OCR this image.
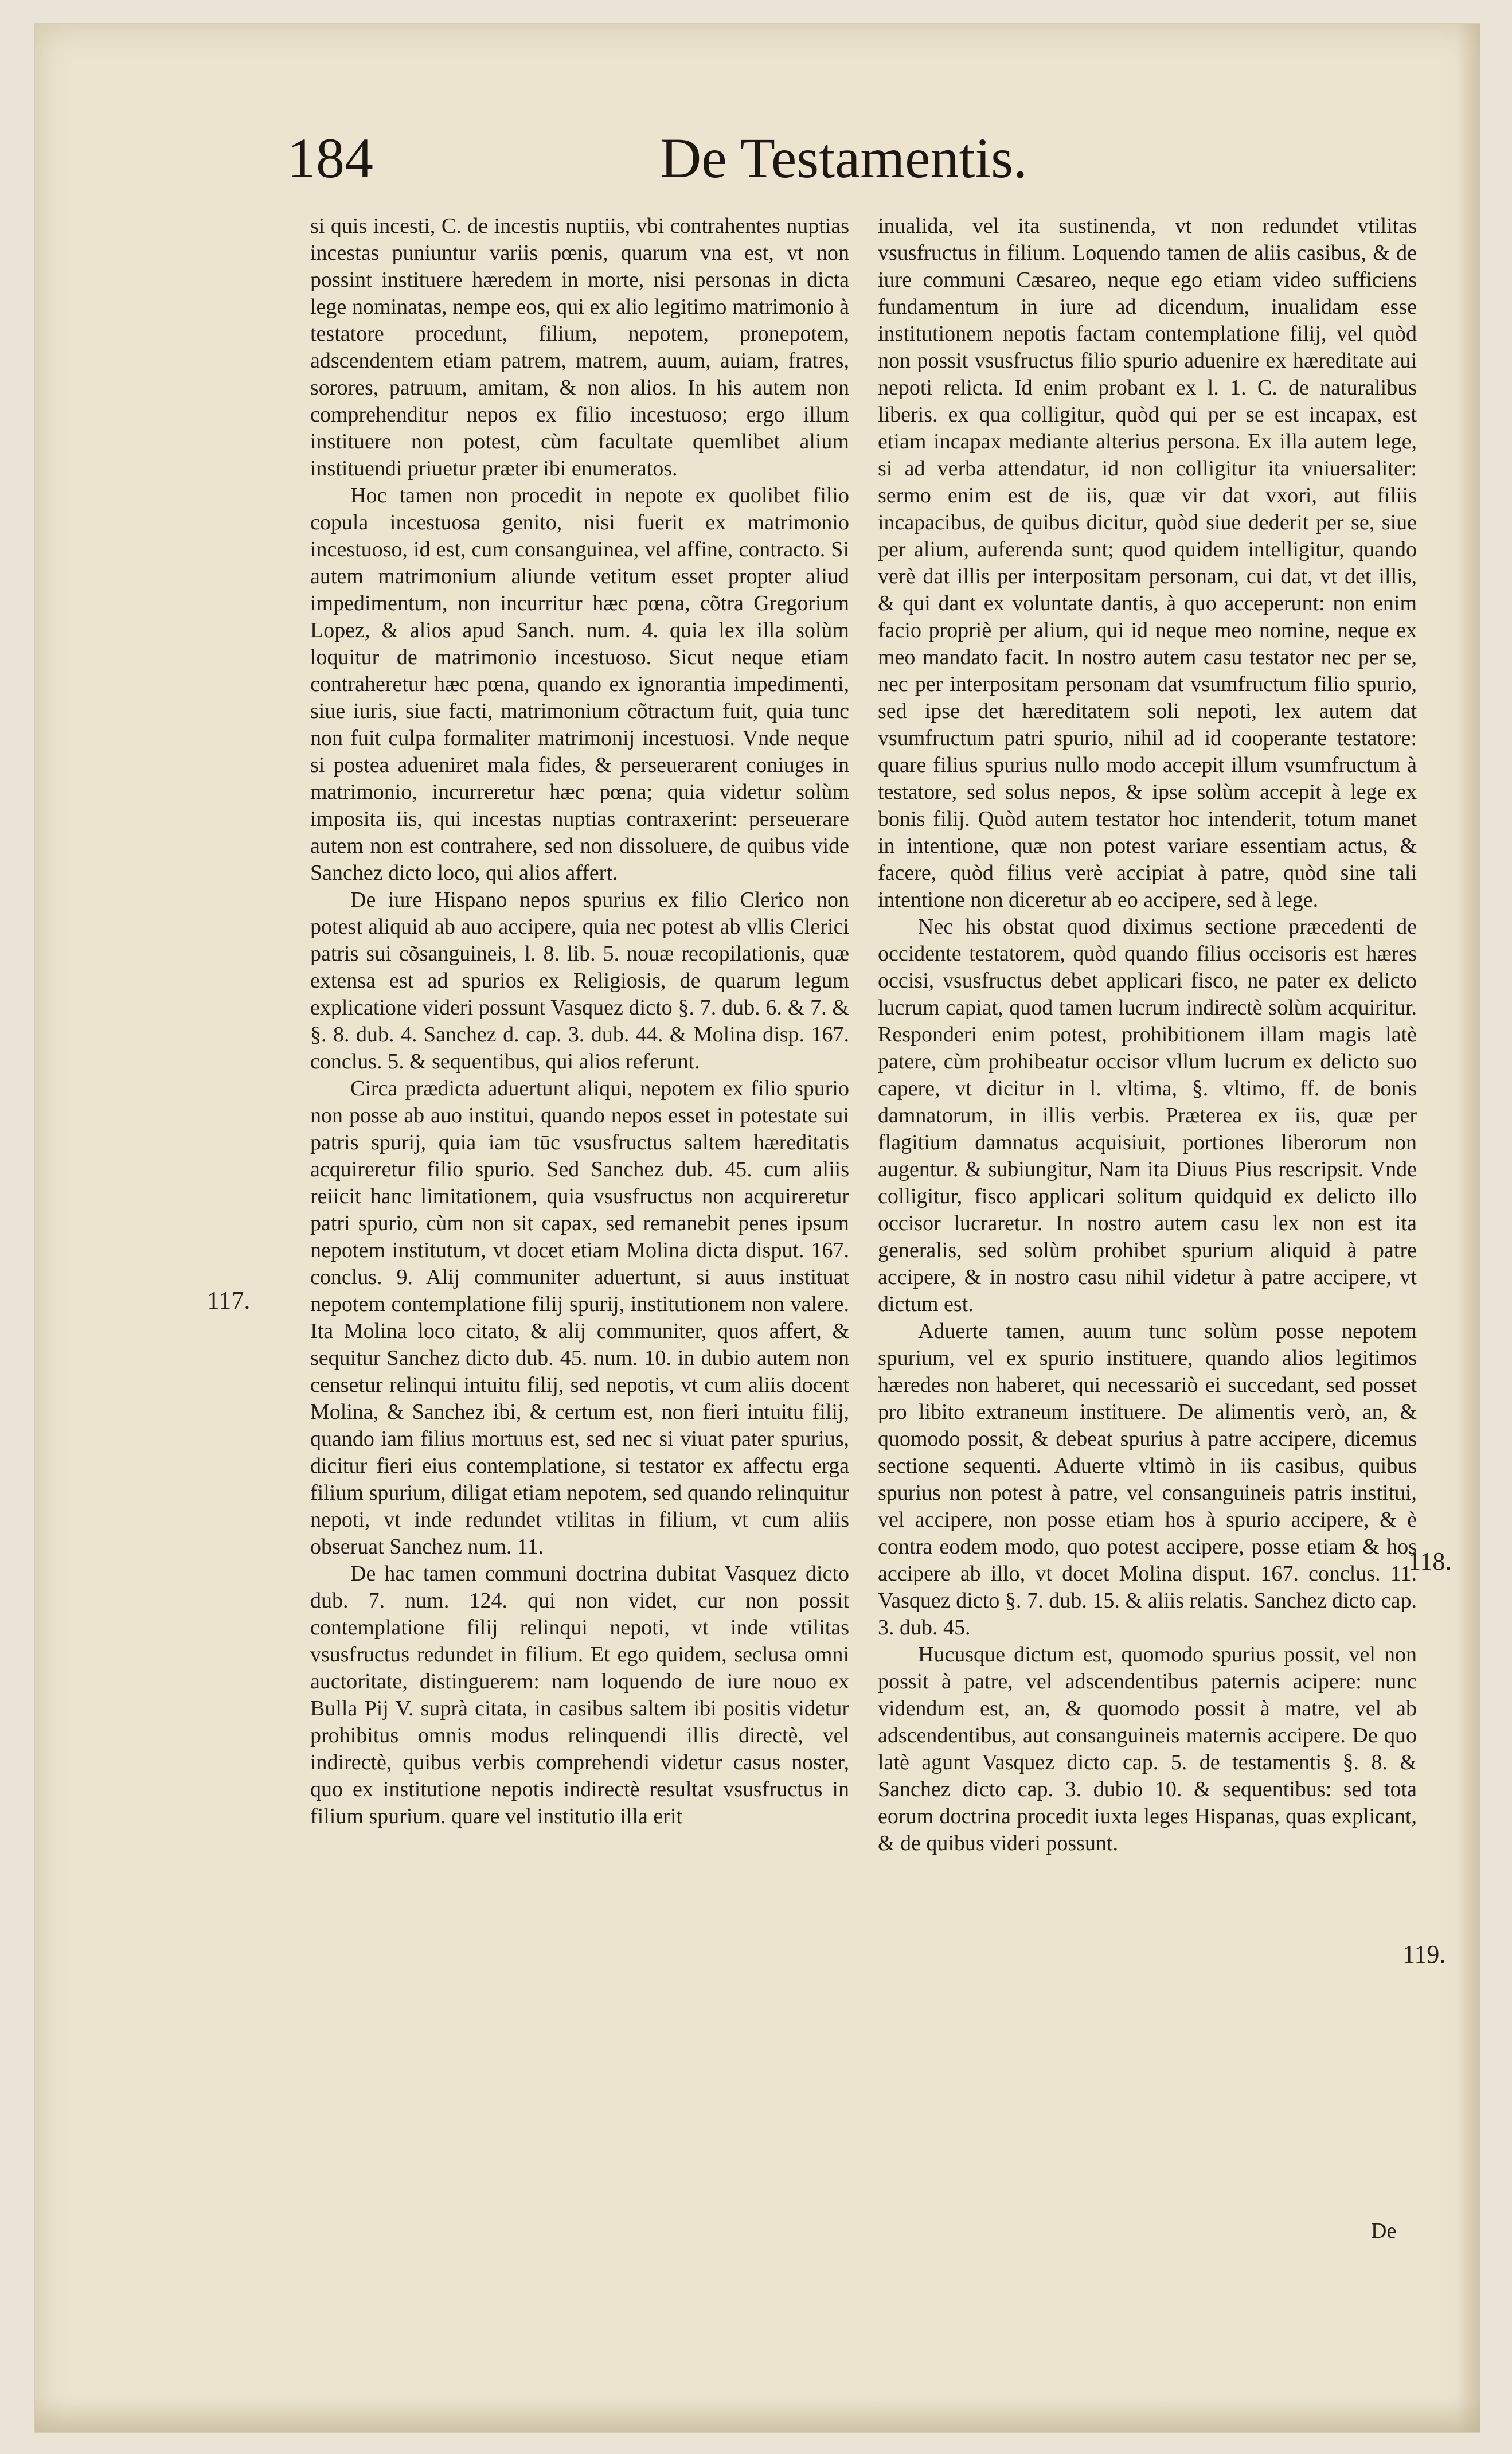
184	De Testamentis.

si quis incesti, C. de incestis nuptiis, vbi contrahentes nuptias incestas puniuntur variis pœnis, quarum vna est, vt non possint instituere hæredem in morte, nisi personas in dicta lege nominatas, nempe eos, qui ex alio legitimo matrimonio à testatore procedunt, filium, nepotem, pronepotem, adscendentem etiam patrem, matrem, auum, auiam, fratres, sorores, patruum, amitam, & non alios. In his autem non comprehenditur nepos ex filio incestuoso; ergo illum instituere non potest, cùm facultate quemlibet alium instituendi priuetur præter ibi enumeratos.

Hoc tamen non procedit in nepote ex quolibet filio copula incestuosa genito, nisi fuerit ex matrimonio incestuoso, id est, cum consanguinea, vel affine, contracto. Si autem matrimonium aliunde vetitum esset propter aliud impedimentum, non incurritur hæc pœna, cõtra Gregorium Lopez, & alios apud Sanch. num. 4. quia lex illa solùm loquitur de matrimonio incestuoso. Sicut neque etiam contraheretur hæc pœna, quando ex ignorantia impedimenti, siue iuris, siue facti, matrimonium cõtractum fuit, quia tunc non fuit culpa formaliter matrimonij incestuosi. Vnde neque si postea adueniret mala fides, & perseuerarent coniuges in matrimonio, incurreretur hæc pœna; quia videtur solùm imposita iis, qui incestas nuptias contraxerint: perseuerare autem non est contrahere, sed non dissoluere, de quibus vide Sanchez dicto loco, qui alios affert.

De iure Hispano nepos spurius ex filio Clerico non potest aliquid ab auo accipere, quia nec potest ab vllis Clerici patris sui cõsanguineis, l. 8. lib. 5. nouæ recopilationis, quæ extensa est ad spurios ex Religiosis, de quarum legum explicatione videri possunt Vasquez dicto §. 7. dub. 6. & 7. & §. 8. dub. 4. Sanchez d. cap. 3. dub. 44. & Molina disp. 167. conclus. 5. & sequentibus, qui alios referunt.

Circa prædicta aduertunt aliqui, nepotem ex filio spurio non posse ab auo institui, quando nepos esset in potestate sui patris spurij, quia iam tūc vsusfructus saltem hæreditatis acquireretur filio spurio. Sed Sanchez dub. 45. cum aliis reiicit hanc limitationem, quia vsusfructus non acquireretur patri spurio, cùm non sit capax, sed remanebit penes ipsum nepotem institutum, vt docet etiam Molina dicta disput. 167. conclus. 9. Alij communiter aduertunt, si auus instituat nepotem contemplatione filij spurij, institutionem non valere. Ita Molina loco citato, & alij communiter, quos affert, & sequitur Sanchez dicto dub. 45. num. 10. in dubio autem non censetur relinqui intuitu filij, sed nepotis, vt cum aliis docent Molina, & Sanchez ibi, & certum est, non fieri intuitu filij, quando iam filius mortuus est, sed nec si viuat pater spurius, dicitur fieri eius contemplatione, si testator ex affectu erga filium spurium, diligat etiam nepotem, sed quando relinquitur nepoti, vt inde redundet vtilitas in filium, vt cum aliis obseruat Sanchez num. 11.

De hac tamen communi doctrina dubitat Vasquez dicto dub. 7. num. 124. qui non videt, cur non possit contemplatione filij relinqui nepoti, vt inde vtilitas vsusfructus redundet in filium. Et ego quidem, seclusa omni auctoritate, distinguerem: nam loquendo de iure nouo ex Bulla Pij V. suprà citata, in casibus saltem ibi positis videtur prohibitus omnis modus relinquendi illis directè, vel indirectè, quibus verbis comprehendi videtur casus noster, quo ex institutione nepotis indirectè resultat vsusfructus in filium spurium. quare vel institutio illa erit

inualida, vel ita sustinenda, vt non redundet vtilitas vsusfructus in filium. Loquendo tamen de aliis casibus, & de iure communi Cæsareo, neque ego etiam video sufficiens fundamentum in iure ad dicendum, inualidam esse institutionem nepotis factam contemplatione filij, vel quòd non possit vsusfructus filio spurio aduenire ex hæreditate aui nepoti relicta. Id enim probant ex l. 1. C. de naturalibus liberis. ex qua colligitur, quòd qui per se est incapax, est etiam incapax mediante alterius persona. Ex illa autem lege, si ad verba attendatur, id non colligitur ita vniuersaliter: sermo enim est de iis, quæ vir dat vxori, aut filiis incapacibus, de quibus dicitur, quòd siue dederit per se, siue per alium, auferenda sunt; quod quidem intelligitur, quando verè dat illis per interpositam personam, cui dat, vt det illis, & qui dant ex voluntate dantis, à quo acceperunt: non enim facio propriè per alium, qui id neque meo nomine, neque ex meo mandato facit. In nostro autem casu testator nec per se, nec per interpositam personam dat vsumfructum filio spurio, sed ipse det hæreditatem soli nepoti, lex autem dat vsumfructum patri spurio, nihil ad id cooperante testatore: quare filius spurius nullo modo accepit illum vsumfructum à testatore, sed solus nepos, & ipse solùm accepit à lege ex bonis filij. Quòd autem testator hoc intenderit, totum manet in intentione, quæ non potest variare essentiam actus, & facere, quòd filius verè accipiat à patre, quòd sine tali intentione non diceretur ab eo accipere, sed à lege.

Nec his obstat quod diximus sectione præcedenti de occidente testatorem, quòd quando filius occisoris est hæres occisi, vsusfructus debet applicari fisco, ne pater ex delicto lucrum capiat, quod tamen lucrum indirectè solùm acquiritur. Responderi enim potest, prohibitionem illam magis latè patere, cùm prohibeatur occisor vllum lucrum ex delicto suo capere, vt dicitur in l. vltima, §. vltimo, ff. de bonis damnatorum, in illis verbis. Præterea ex iis, quæ per flagitium damnatus acquisiuit, portiones liberorum non augentur. & subiungitur, Nam ita Diuus Pius rescripsit. Vnde colligitur, fisco applicari solitum quidquid ex delicto illo occisor lucraretur. In nostro autem casu lex non est ita generalis, sed solùm prohibet spurium aliquid à patre accipere, & in nostro casu nihil videtur à patre accipere, vt dictum est.

Aduerte tamen, auum tunc solùm posse nepotem spurium, vel ex spurio instituere, quando alios legitimos hæredes non haberet, qui necessariò ei succedant, sed posset pro libito extraneum instituere. De alimentis verò, an, & quomodo possit, & debeat spurius à patre accipere, dicemus sectione sequenti. Aduerte vltimò in iis casibus, quibus spurius non potest à patre, vel consanguineis patris institui, vel accipere, non posse etiam hos à spurio accipere, & è contra eodem modo, quo potest accipere, posse etiam & hos accipere ab illo, vt docet Molina disput. 167. conclus. 11. Vasquez dicto §. 7. dub. 15. & aliis relatis. Sanchez dicto cap. 3. dub. 45.

Hucusque dictum est, quomodo spurius possit, vel non possit à patre, vel adscendentibus paternis acipere: nunc videndum est, an, & quomodo possit à matre, vel ab adscendentibus, aut consanguineis maternis accipere. De quo latè agunt Vasquez dicto cap. 5. de testamentis §. 8. & Sanchez dicto cap. 3. dubio 10. & sequentibus: sed tota eorum doctrina procedit iuxta leges Hispanas, quas explicant, & de quibus videri possunt.

117.
118.
119.
De
